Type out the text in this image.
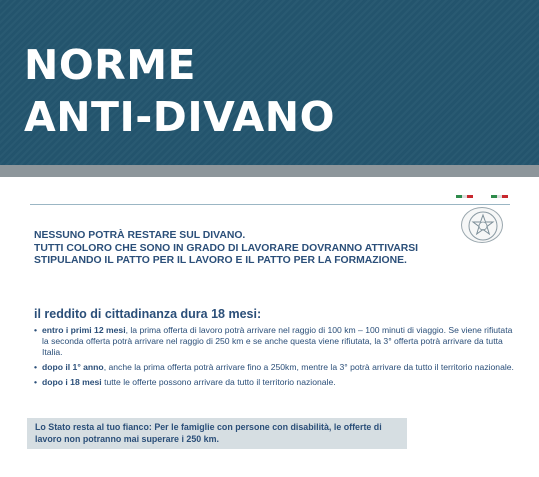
NORME
ANTI-DIVANO
NESSUNO POTRÀ RESTARE SUL DIVANO.
TUTTI COLORO CHE SONO IN GRADO DI LAVORARE DOVRANNO ATTIVARSI
STIPULANDO IL PATTO PER IL LAVORO E IL PATTO PER LA FORMAZIONE.
il reddito di cittadinanza dura 18 mesi:
• entro i primi 12 mesi, la prima offerta di lavoro potrà arrivare nel raggio di 100 km – 100 minuti di viaggio. Se viene rifiutata la seconda offerta potrà arrivare nel raggio di 250 km e se anche questa viene rifiutata, la 3° offerta potrà arrivare da tutta Italia.
• dopo il 1° anno, anche la prima offerta potrà arrivare fino a 250km, mentre la 3° potrà arrivare da tutto il territorio nazionale.
• dopo i 18 mesi tutte le offerte possono arrivare da tutto il territorio nazionale.
Lo Stato resta al tuo fianco: Per le famiglie con persone con disabilità, le offerte di
lavoro non potranno mai superare i 250 km.
